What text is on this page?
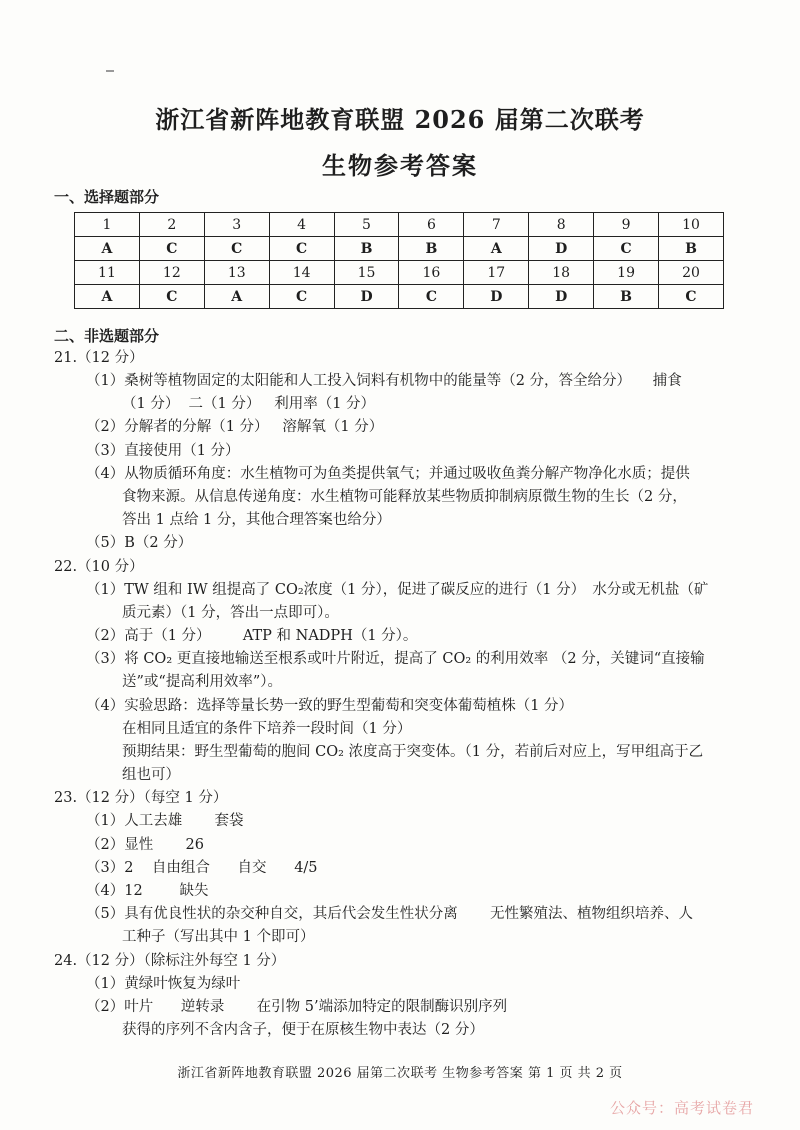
浙江省新阵地教育联盟 2026 届第二次联考
生物参考答案
一、选择题部分
1	2	3	4	5	6	7	8	9	10
A	C	C	C	B	B	A	D	C	B
11	12	13	14	15	16	17	18	19	20
A	C	A	C	D	C	D	D	B	C
二、非选题部分

21.（12 分）

（1）桑树等植物固定的太阳能和人工投入饲料有机物中的能量等（2 分，答全给分）　　捕食

（1 分）  二（1 分）   利用率（1 分）

（2）分解者的分解（1 分）   溶解氧（1 分）

（3）直接使用（1 分）

（4）从物质循环角度：水生植物可为鱼类提供氧气；并通过吸收鱼粪分解产物净化水质；提供

食物来源。从信息传递角度：水生植物可能释放某些物质抑制病原微生物的生长（2 分，

答出 1 点给 1 分，其他合理答案也给分）

（5）B（2 分）

22.（10 分）

（1）TW 组和 IW 组提高了 CO₂浓度（1 分），促进了碳反应的进行（1 分）　水分或无机盐（矿

质元素）（1 分，答出一点即可）。

（2）高于（1 分）       ATP 和 NADPH（1 分）。

（3）将 CO₂ 更直接地输送至根系或叶片附近，提高了 CO₂ 的利用效率 （2 分，关键词“直接输

送”或“提高利用效率”）。

（4）实验思路：选择等量长势一致的野生型葡萄和突变体葡萄植株（1 分）

在相同且适宜的条件下培养一段时间（1 分）

预期结果：野生型葡萄的胞间 CO₂ 浓度高于突变体。（1 分，若前后对应上，写甲组高于乙

组也可）

23.（12 分）（每空 1 分）

（1）人工去雄       套袋

（2）显性       26

（3）2    自由组合      自交      4/5

（4）12        缺失

（5）具有优良性状的杂交种自交，其后代会发生性状分离       无性繁殖法、植物组织培养、人

工种子（写出其中 1 个即可）

24.（12 分）（除标注外每空 1 分）

（1）黄绿叶恢复为绿叶

（2）叶片      逆转录       在引物 5’端添加特定的限制酶识别序列

获得的序列不含内含子，便于在原核生物中表达（2 分）

浙江省新阵地教育联盟 2026 届第二次联考 生物参考答案 第 1 页 共 2 页
公众号：高考试卷君
